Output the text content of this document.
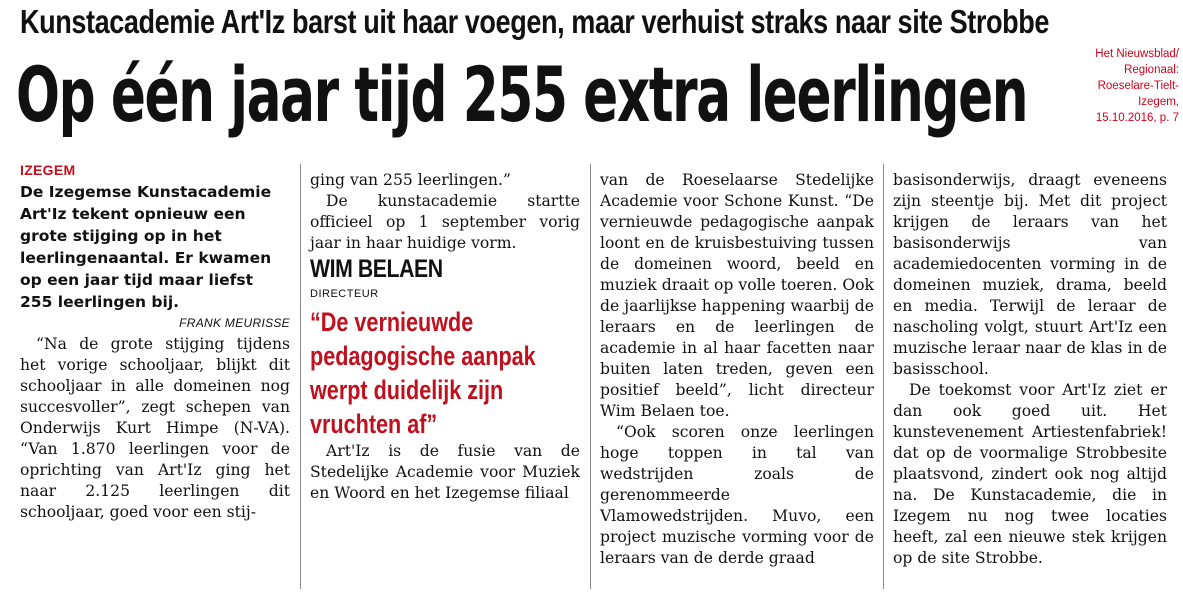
Kunstacademie Art'Iz barst uit haar voegen, maar verhuist straks naar site Strobbe
Op één jaar tijd 255 extra leerlingen	Het Nieuwsblad/
Regionaal:
Roeselare-Tielt-
Izegem,
15.10.2016, p. 7

IZEGEM

De Izegemse Kunstacademie Art'Iz tekent opnieuw een grote stijging op in het leerlingenaantal. Er kwamen op een jaar tijd maar liefst 255 leerlingen bij.

FRANK MEURISSE

“Na de grote stijging tijdens het vorige schooljaar, blijkt dit schooljaar in alle domeinen nog succesvoller”, zegt schepen van Onderwijs Kurt Himpe (N-VA). “Van 1.870 leerlingen voor de oprichting van Art'Iz ging het naar 2.125 leerlingen dit schooljaar, goed voor een stij-

ging van 255 leerlingen.”

De kunstacademie startte officieel op 1 september vorig jaar in haar huidige vorm.

WIM BELAEN

DIRECTEUR

“De vernieuwde pedagogische aanpak werpt duidelijk zijn vruchten af”

Art'Iz is de fusie van de Stedelijke Academie voor Muziek en Woord en het Izegemse filiaal

van de Roeselaarse Stedelijke Academie voor Schone Kunst. “De vernieuwde pedagogische aanpak loont en de kruisbestuiving tussen de domeinen woord, beeld en muziek draait op volle toeren. Ook de jaarlijkse happening waarbij de leraars en de leerlingen de academie in al haar facetten naar buiten laten treden, geven een positief beeld”, licht directeur Wim Belaen toe.

“Ook scoren onze leerlingen hoge toppen in tal van wedstrijden zoals de gerenommeerde Vlamowedstrijden. Muvo, een project muzische vorming voor de leraars van de derde graad

basisonderwijs, draagt eveneens zijn steentje bij. Met dit project krijgen de leraars van het basisonderwijs van academiedocenten vorming in de domeinen muziek, drama, beeld en media. Terwijl de leraar de nascholing volgt, stuurt Art'Iz een muzische leraar naar de klas in de basisschool.

De toekomst voor Art'Iz ziet er dan ook goed uit. Het kunstevenement Artiestenfabriek! dat op de voormalige Strobbesite plaatsvond, zindert ook nog altijd na. De Kunstacademie, die in Izegem nu nog twee locaties heeft, zal een nieuwe stek krijgen op de site Strobbe.
